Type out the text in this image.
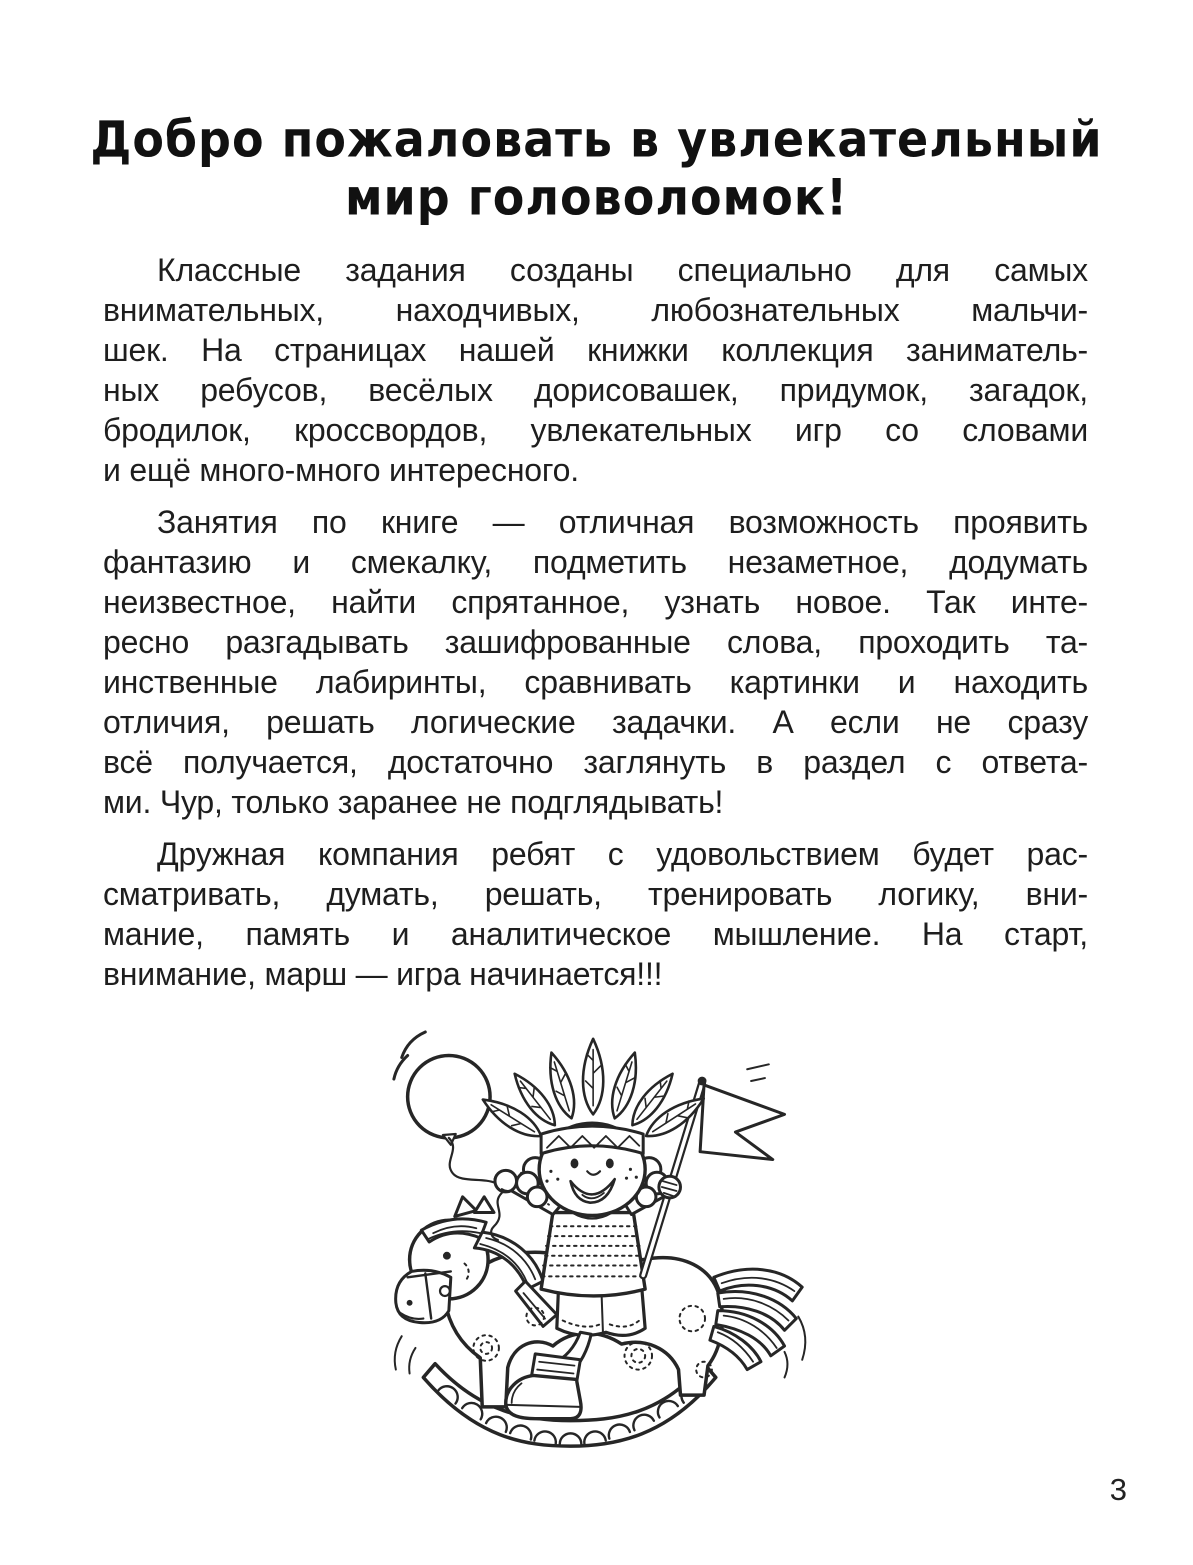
Добро пожаловать в увлекательный
мир головоломок!
Классные задания созданы специально для самых
внимательных, находчивых, любознательных мальчи-
шек. На страницах нашей книжки коллекция заниматель-
ных ребусов, весёлых дорисовашек, придумок, загадок,
бродилок, кроссвордов, увлекательных игр со словами
и ещё много-много интересного.
Занятия по книге — отличная возможность проявить
фантазию и смекалку, подметить незаметное, додумать
неизвестное, найти спрятанное, узнать новое. Так инте-
ресно разгадывать зашифрованные слова, проходить та-
инственные лабиринты, сравнивать картинки и находить
отличия, решать логические задачки. А если не сразу
всё получается, достаточно заглянуть в раздел с ответа-
ми. Чур, только заранее не подглядывать!
Дружная компания ребят с удовольствием будет рас-
сматривать, думать, решать, тренировать логику, вни-
мание, память и аналитическое мышление. На старт,
внимание, марш — игра начинается!!!
3
